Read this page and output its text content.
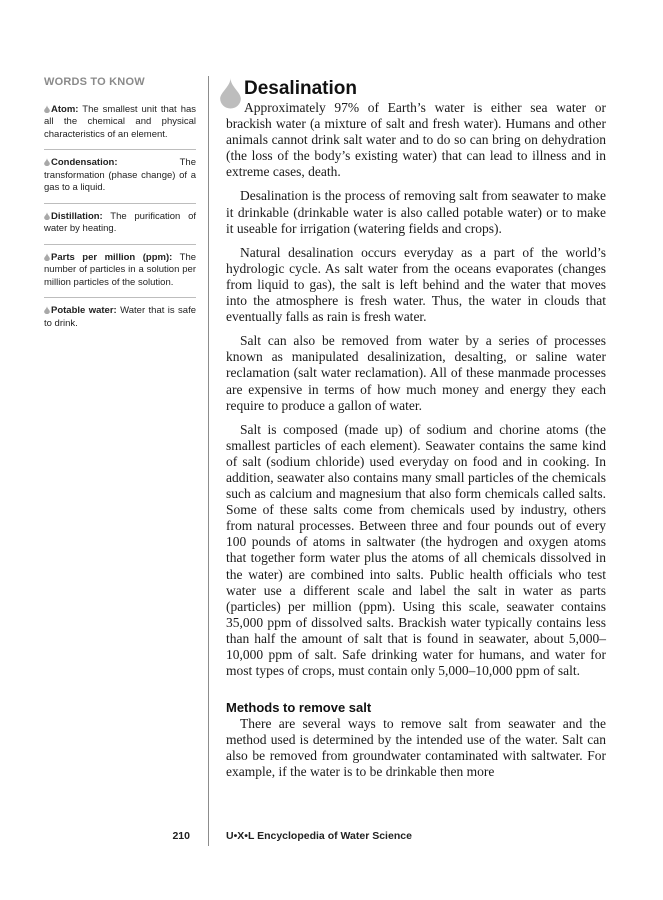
WORDS TO KNOW
Atom: The smallest unit that has all the chemical and physical characteristics of an element.
Condensation:	The transformation (phase change) of a gas to a liquid.
Distillation: The purification of water by heating.
Parts per million (ppm): The number of particles in a solution per million particles of the solution.
Potable water: Water that is safe to drink.
Desalination

Approximately 97% of Earth’s water is either sea water or brackish water (a mixture of salt and fresh water). Humans and other animals cannot drink salt water and to do so can bring on dehydration (the loss of the body’s existing water) that can lead to illness and in extreme cases, death.

Desalination is the process of removing salt from seawater to make it drinkable (drinkable water is also called potable water) or to make it useable for irrigation (watering fields and crops).

Natural desalination occurs everyday as a part of the world’s hydrologic cycle. As salt water from the oceans evaporates (changes from liquid to gas), the salt is left behind and the water that moves into the atmosphere is fresh water. Thus, the water in clouds that eventually falls as rain is fresh water.

Salt can also be removed from water by a series of processes known as manipulated desalinization, desalting, or saline water reclamation (salt water reclamation). All of these manmade processes are expensive in terms of how much money and energy they each require to produce a gallon of water.

Salt is composed (made up) of sodium and chorine atoms (the smallest particles of each element). Seawater contains the same kind of salt (sodium chloride) used everyday on food and in cooking. In addition, seawater also contains many small particles of the chemicals such as calcium and magnesium that also form chemicals called salts. Some of these salts come from chemicals used by industry, others from natural processes. Between three and four pounds out of every 100 pounds of atoms in saltwater (the hydrogen and oxygen atoms that together form water plus the atoms of all chemicals dissolved in the water) are combined into salts. Public health officials who test water use a different scale and label the salt in water as parts (particles) per million (ppm). Using this scale, seawater contains 35,000 ppm of dissolved salts. Brackish water typically contains less than half the amount of salt that is found in seawater, about 5,000–10,000 ppm of salt. Safe drinking water for humans, and water for most types of crops, must contain only 5,000–10,000 ppm of salt.

Methods to remove salt

There are several ways to remove salt from seawater and the method used is determined by the intended use of the water. Salt can also be removed from groundwater contaminated with saltwater. For example, if the water is to be drinkable then more

210	U•X•L Encyclopedia of Water Science
